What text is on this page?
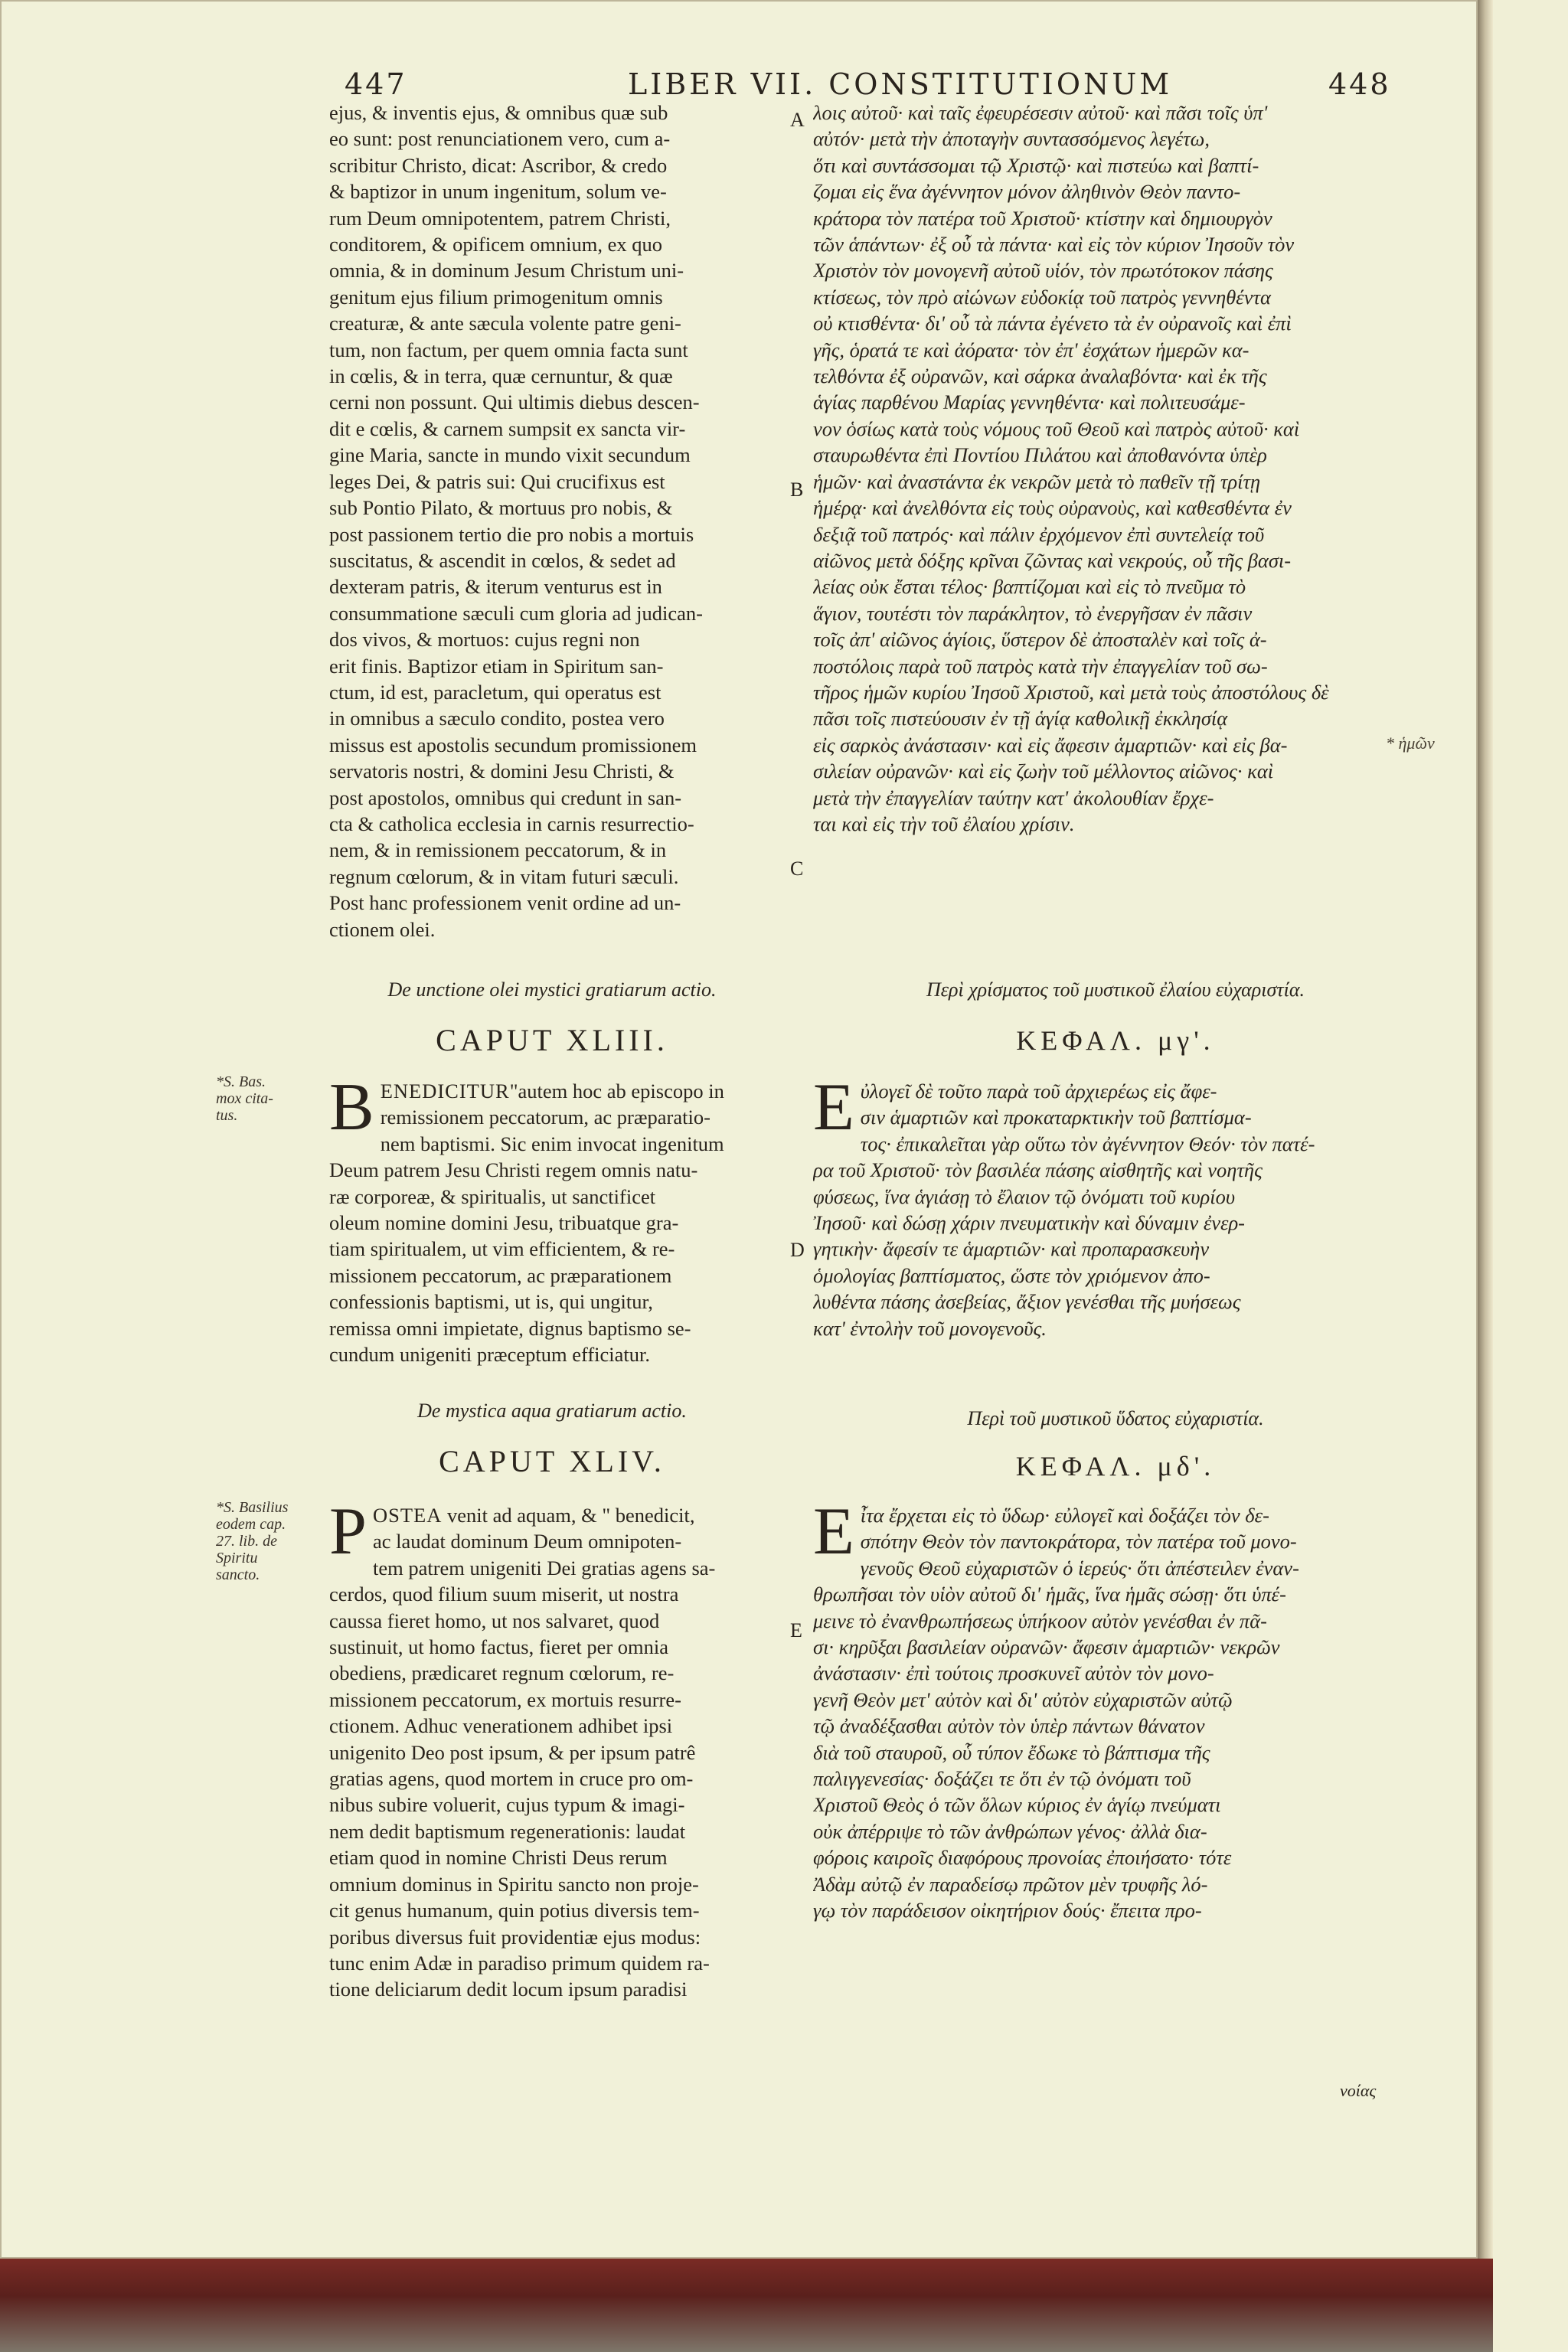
447	LIBER VII. CONSTITUTIONUM	448
ejus, & inventis ejus, & omnibus quæ sub
eo sunt: post renunciationem vero, cum a-
scribitur Christo, dicat: Ascribor, & credo
& baptizor in unum ingenitum, solum ve-
rum Deum omnipotentem, patrem Christi,
conditorem, & opificem omnium, ex quo
omnia, & in dominum Jesum Christum uni-
genitum ejus filium primogenitum omnis
creaturæ, & ante sæcula volente patre geni-
tum, non factum, per quem omnia facta sunt
in cœlis, & in terra, quæ cernuntur, & quæ
cerni non possunt. Qui ultimis diebus descen-
dit e cœlis, & carnem sumpsit ex sancta vir-
gine Maria, sancte in mundo vixit secundum
leges Dei, & patris sui: Qui crucifixus est
sub Pontio Pilato, & mortuus pro nobis, &
post passionem tertio die pro nobis a mortuis
suscitatus, & ascendit in cœlos, & sedet ad
dexteram patris, & iterum venturus est in
consummatione sæculi cum gloria ad judican-
dos vivos, & mortuos: cujus regni non
erit finis. Baptizor etiam in Spiritum san-
ctum, id est, paracletum, qui operatus est
in omnibus a sæculo condito, postea vero
missus est apostolis secundum promissionem
servatoris nostri, & domini Jesu Christi, &
post apostolos, omnibus qui credunt in san-
cta & catholica ecclesia in carnis resurrectio-
nem, & in remissionem peccatorum, & in
regnum cœlorum, & in vitam futuri sæculi.
Post hanc professionem venit ordine ad un-
ctionem olei.
λοις αὐτοῦ· καὶ ταῖς ἐφευρέσεσιν αὐτοῦ· καὶ πᾶσι τοῖς ὑπ'
αὐτόν· μετὰ τὴν ἀποταγὴν συντασσόμενος λεγέτω,
ὅτι καὶ συντάσσομαι τῷ Χριστῷ· καὶ πιστεύω καὶ βαπτί-
ζομαι εἰς ἕνα ἀγέννητον μόνον ἀληθινὸν Θεὸν παντο-
κράτορα τὸν πατέρα τοῦ Χριστοῦ· κτίστην καὶ δημιουργὸν
τῶν ἁπάντων· ἐξ οὗ τὰ πάντα· καὶ εἰς τὸν κύριον Ἰησοῦν τὸν
Χριστὸν τὸν μονογενῆ αὐτοῦ υἱόν, τὸν πρωτότοκον πάσης
κτίσεως, τὸν πρὸ αἰώνων εὐδοκίᾳ τοῦ πατρὸς γεννηθέντα
οὐ κτισθέντα· δι' οὗ τὰ πάντα ἐγένετο τὰ ἐν οὐρανοῖς καὶ ἐπὶ
γῆς, ὁρατά τε καὶ ἀόρατα· τὸν ἐπ' ἐσχάτων ἡμερῶν κα-
τελθόντα ἐξ οὐρανῶν, καὶ σάρκα ἀναλαβόντα· καὶ ἐκ τῆς
ἁγίας παρθένου Μαρίας γεννηθέντα· καὶ πολιτευσάμε-
νον ὁσίως κατὰ τοὺς νόμους τοῦ Θεοῦ καὶ πατρὸς αὐτοῦ· καὶ
σταυρωθέντα ἐπὶ Ποντίου Πιλάτου καὶ ἀποθανόντα ὑπὲρ
ἡμῶν· καὶ ἀναστάντα ἐκ νεκρῶν μετὰ τὸ παθεῖν τῇ τρίτῃ
ἡμέρᾳ· καὶ ἀνελθόντα εἰς τοὺς οὐρανοὺς, καὶ καθεσθέντα ἐν
δεξιᾷ τοῦ πατρός· καὶ πάλιν ἐρχόμενον ἐπὶ συντελείᾳ τοῦ
αἰῶνος μετὰ δόξης κρῖναι ζῶντας καὶ νεκρούς, οὗ τῆς βασι-
λείας οὐκ ἔσται τέλος· βαπτίζομαι καὶ εἰς τὸ πνεῦμα τὸ
ἅγιον, τουτέστι τὸν παράκλητον, τὸ ἐνεργῆσαν ἐν πᾶσιν
τοῖς ἀπ' αἰῶνος ἁγίοις, ὕστερον δὲ ἀποσταλὲν καὶ τοῖς ἀ-
ποστόλοις παρὰ τοῦ πατρὸς κατὰ τὴν ἐπαγγελίαν τοῦ σω-
τῆρος ἡμῶν κυρίου Ἰησοῦ Χριστοῦ, καὶ μετὰ τοὺς ἀποστόλους δὲ
πᾶσι τοῖς πιστεύουσιν ἐν τῇ ἁγίᾳ καθολικῇ ἐκκλησίᾳ
εἰς σαρκὸς ἀνάστασιν· καὶ εἰς ἄφεσιν ἁμαρτιῶν· καὶ εἰς βα-
σιλείαν οὐρανῶν· καὶ εἰς ζωὴν τοῦ μέλλοντος αἰῶνος· καὶ
μετὰ τὴν ἐπαγγελίαν ταύτην κατ' ἀκολουθίαν ἔρχε-
ται καὶ εἰς τὴν τοῦ ἐλαίου χρίσιν.
A
B
C
D
E
De unctione olei mystici gratiarum actio.
CAPUT XLIII.
Περὶ χρίσματος τοῦ μυστικοῦ ἐλαίου εὐχαριστία.
ΚΕΦΑΛ. μγ'.
*S. Bas.
mox cita-
tus.	B ENEDICITUR"autem hoc ab episcopo in
remissionem peccatorum, ac præparatio-
nem baptismi. Sic enim invocat ingenitum
Deum patrem Jesu Christi regem omnis natu-
ræ corporeæ, & spiritualis, ut sanctificet
oleum nomine domini Jesu, tribuatque gra-
tiam spiritualem, ut vim efficientem, & re-
missionem peccatorum, ac præparationem
confessionis baptismi, ut is, qui ungitur,
remissa omni impietate, dignus baptismo se-
cundum unigeniti præceptum efficiatur.
Ε ὐλογεῖ δὲ τοῦτο παρὰ τοῦ ἀρχιερέως εἰς ἄφε-
σιν ἁμαρτιῶν καὶ προκαταρκτικὴν τοῦ βαπτίσμα-
τος· ἐπικαλεῖται γὰρ οὕτω τὸν ἀγέννητον Θεόν· τὸν πατέ-
ρα τοῦ Χριστοῦ· τὸν βασιλέα πάσης αἰσθητῆς καὶ νοητῆς
φύσεως, ἵνα ἁγιάσῃ τὸ ἔλαιον τῷ ὀνόματι τοῦ κυρίου
Ἰησοῦ· καὶ δώσῃ χάριν πνευματικὴν καὶ δύναμιν ἐνερ-
γητικὴν· ἄφεσίν τε ἁμαρτιῶν· καὶ προπαρασκευὴν
ὁμολογίας βαπτίσματος, ὥστε τὸν χριόμενον ἀπο-
λυθέντα πάσης ἀσεβείας, ἄξιον γενέσθαι τῆς μυήσεως
κατ' ἐντολὴν τοῦ μονογενοῦς.
De mystica aqua gratiarum actio.
CAPUT XLIV.
Περὶ τοῦ μυστικοῦ ὕδατος εὐχαριστία.
ΚΕΦΑΛ. μδ'.
*S. Basilius
eodem cap.
27. lib. de
Spiritu
sancto.
P OSTEA venit ad aquam, & " benedicit,
ac laudat dominum Deum omnipoten-
tem patrem unigeniti Dei gratias agens sa-
cerdos, quod filium suum miserit, ut nostra
caussa fieret homo, ut nos salvaret, quod
sustinuit, ut homo factus, fieret per omnia
obediens, prædicaret regnum cœlorum, re-
missionem peccatorum, ex mortuis resurre-
ctionem. Adhuc venerationem adhibet ipsi
unigenito Deo post ipsum, & per ipsum patrê
gratias agens, quod mortem in cruce pro om-
nibus subire voluerit, cujus typum & imagi-
nem dedit baptismum regenerationis: laudat
etiam quod in nomine Christi Deus rerum
omnium dominus in Spiritu sancto non proje-
cit genus humanum, quin potius diversis tem-
poribus diversus fuit providentiæ ejus modus:
tunc enim Adæ in paradiso primum quidem ra-
tione deliciarum dedit locum ipsum paradisi
Ε ἶτα ἔρχεται εἰς τὸ ὕδωρ· εὐλογεῖ καὶ δοξάζει τὸν δε-
σπότην Θεὸν τὸν παντοκράτορα, τὸν πατέρα τοῦ μονο-
γενοῦς Θεοῦ εὐχαριστῶν ὁ ἱερεύς· ὅτι ἀπέστειλεν ἐναν-
θρωπῆσαι τὸν υἱὸν αὐτοῦ δι' ἡμᾶς, ἵνα ἡμᾶς σώσῃ· ὅτι ὑπέ-
μεινε τὸ ἐνανθρωπήσεως ὑπήκοον αὐτὸν γενέσθαι ἐν πᾶ-
σι· κηρῦξαι βασιλείαν οὐρανῶν· ἄφεσιν ἁμαρτιῶν· νεκρῶν
ἀνάστασιν· ἐπὶ τούτοις προσκυνεῖ αὐτὸν τὸν μονο-
γενῆ Θεὸν μετ' αὐτὸν καὶ δι' αὐτὸν εὐχαριστῶν αὐτῷ
τῷ ἀναδέξασθαι αὐτὸν τὸν ὑπὲρ πάντων θάνατον
διὰ τοῦ σταυροῦ, οὗ τύπον ἔδωκε τὸ βάπτισμα τῆς
παλιγγενεσίας· δοξάζει τε ὅτι ἐν τῷ ὀνόματι τοῦ
Χριστοῦ Θεὸς ὁ τῶν ὅλων κύριος ἐν ἁγίῳ πνεύματι
οὐκ ἀπέρριψε τὸ τῶν ἀνθρώπων γένος· ἀλλὰ δια-
φόροις καιροῖς διαφόρους προνοίας ἐποιήσατο· τότε
Ἀδὰμ αὐτῷ ἐν παραδείσῳ πρῶτον μὲν τρυφῆς λό-
γῳ τὸν παράδεισον οἰκητήριον δούς· ἔπειτα προ-
νοίας
* ἡμῶν
